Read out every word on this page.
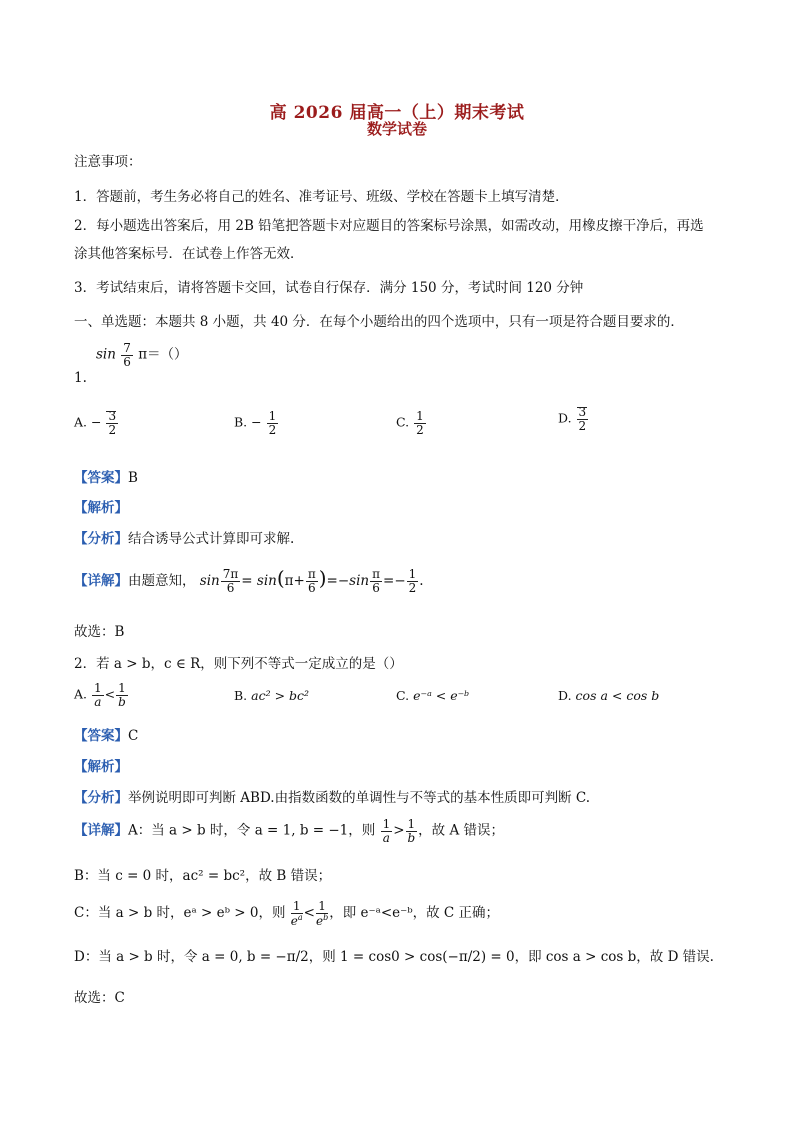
高 2026 届高一（上）期末考试
数学试卷
注意事项：
1．答题前，考生务必将自己的姓名、准考证号、班级、学校在答题卡上填写清楚．
2．每小题选出答案后，用 2B 铅笔把答题卡对应题目的答案标号涂黑，如需改动，用橡皮擦干净后，再选
涂其他答案标号．在试卷上作答无效．
3．考试结束后，请将答题卡交回，试卷自行保存．满分 150 分，考试时间 120 分钟
一、单选题：本题共 8 小题，共 40 分．在每个小题给出的四个选项中，只有一项是符合题目要求的．
$\sin \frac{7}{6} \pi=()$
1.
A. − $\frac{3}{2}$	B. − $\frac{1}{2}$	C. $\frac{1}{2}$	D. $\frac{3}{2}$
【答案】B
【解析】
【分析】结合诱导公式计算即可求解.
【详解】由题意知， $\sin \frac{7\pi}{6} = \sin(\pi+ \frac{\pi}{6} )=-\sin \frac{\pi}{6} =- \frac{1}{2}$ .
故选：B
2．若 a > b，c ∈ R，则下列不等式一定成立的是（）
A. $\frac{1}{a} < \frac{1}{b}$	B. ac² > bc²	C. e⁻ᵃ < e⁻ᵇ	D. cos a < cos b
【答案】C
【解析】
【分析】举例说明即可判断 ABD.由指数函数的单调性与不等式的基本性质即可判断 C.
【详解】A：当 a > b 时，令 a = 1, b = −1，则 $\frac{1}{a} > \frac{1}{b}$ ，故 A 错误；
B：当 c = 0 时，ac² = bc²，故 B 错误；
C：当 a > b 时，eᵃ > eᵇ > 0，则 $\frac{1}{e^a} < \frac{1}{e^b}$ ，即 e⁻ᵃ<e⁻ᵇ，故 C 正确；
D：当 a > b 时，令 a = 0, b = −π/2，则 1 = cos0 > cos(−π/2) = 0，即 cos a > cos b，故 D 错误.
故选：C
